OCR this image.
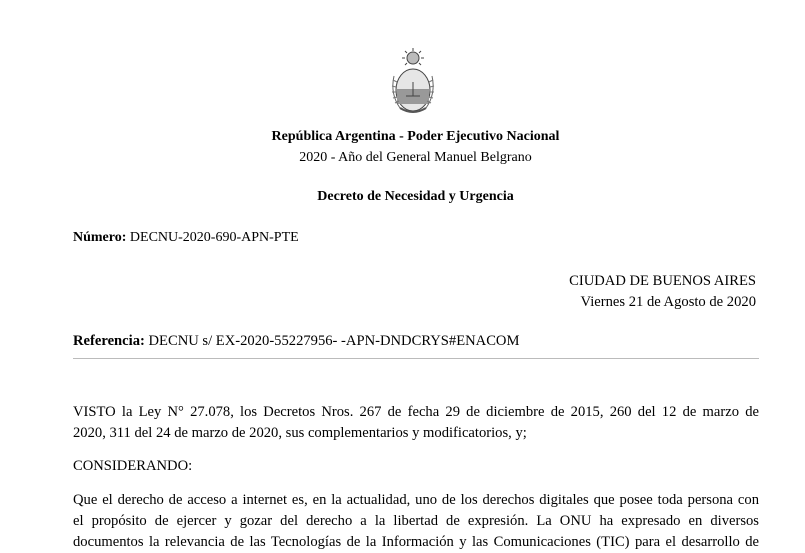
República Argentina - Poder Ejecutivo Nacional
2020 - Año del General Manuel Belgrano
Decreto de Necesidad y Urgencia
Número: DECNU-2020-690-APN-PTE
CIUDAD DE BUENOS AIRES
Viernes 21 de Agosto de 2020
Referencia: DECNU s/ EX-2020-55227956- -APN-DNDCRYS#ENACOM
VISTO la Ley N° 27.078, los Decretos Nros. 267 de fecha 29 de diciembre de 2015, 260 del 12 de marzo de
2020, 311 del 24 de marzo de 2020, sus complementarios y modificatorios, y;
CONSIDERANDO:
Que el derecho de acceso a internet es, en la actualidad, uno de los derechos digitales que posee toda persona con
el propósito de ejercer y gozar del derecho a la libertad de expresión. La ONU ha expresado en diversos
documentos la relevancia de las Tecnologías de la Información y las Comunicaciones (TIC) para el desarrollo de
